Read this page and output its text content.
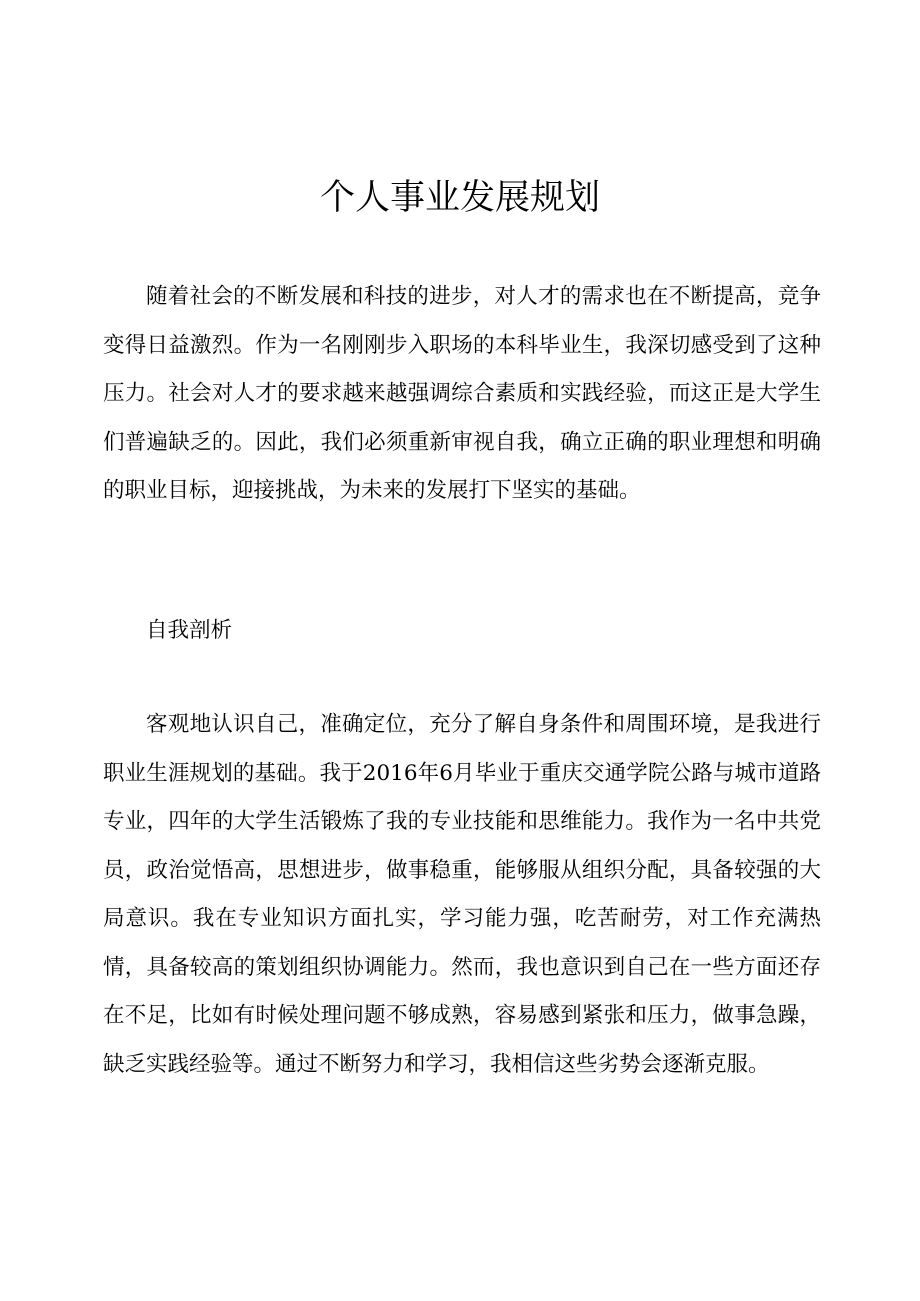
个人事业发展规划

随着社会的不断发展和科技的进步，对人才的需求也在不断提高，竞争变得日益激烈。作为一名刚刚步入职场的本科毕业生，我深切感受到了这种压力。社会对人才的要求越来越强调综合素质和实践经验，而这正是大学生们普遍缺乏的。因此，我们必须重新审视自我，确立正确的职业理想和明确的职业目标，迎接挑战，为未来的发展打下坚实的基础。

自我剖析

客观地认识自己，准确定位，充分了解自身条件和周围环境，是我进行职业生涯规划的基础。我于2016年6月毕业于重庆交通学院公路与城市道路专业，四年的大学生活锻炼了我的专业技能和思维能力。我作为一名中共党员，政治觉悟高，思想进步，做事稳重，能够服从组织分配，具备较强的大局意识。我在专业知识方面扎实，学习能力强，吃苦耐劳，对工作充满热情，具备较高的策划组织协调能力。然而，我也意识到自己在一些方面还存在不足，比如有时候处理问题不够成熟，容易感到紧张和压力，做事急躁，缺乏实践经验等。通过不断努力和学习，我相信这些劣势会逐渐克服。
